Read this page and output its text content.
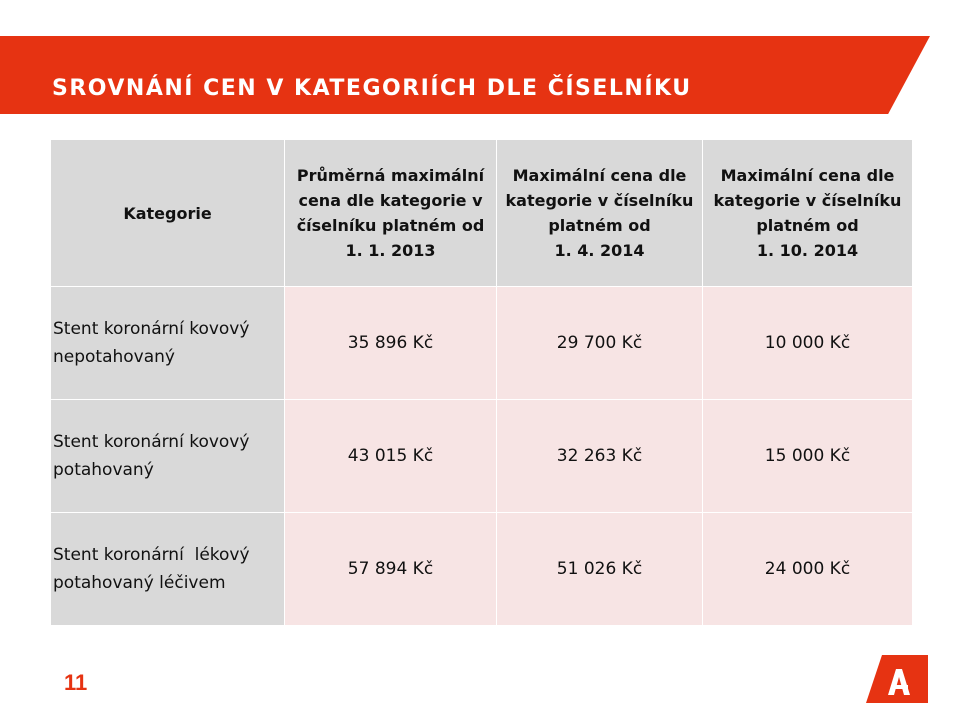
SROVNÁNÍ CEN V KATEGORIÍCH DLE ČÍSELNÍKU
Kategorie	Průměrná maximální
cena dle kategorie v
číselníku platném od
1. 1. 2013	Maximální cena dle
kategorie v číselníku
platném od
1. 4. 2014	Maximální cena dle
kategorie v číselníku
platném od
1. 10. 2014

Stent koronární kovový
nepotahovaný	35 896 Kč	29 700 Kč	10 000 Kč
Stent koronární kovový
potahovaný	43 015 Kč	32 263 Kč	15 000 Kč
Stent koronární  lékový
potahovaný léčivem	57 894 Kč	51 026 Kč	24 000 Kč
11
